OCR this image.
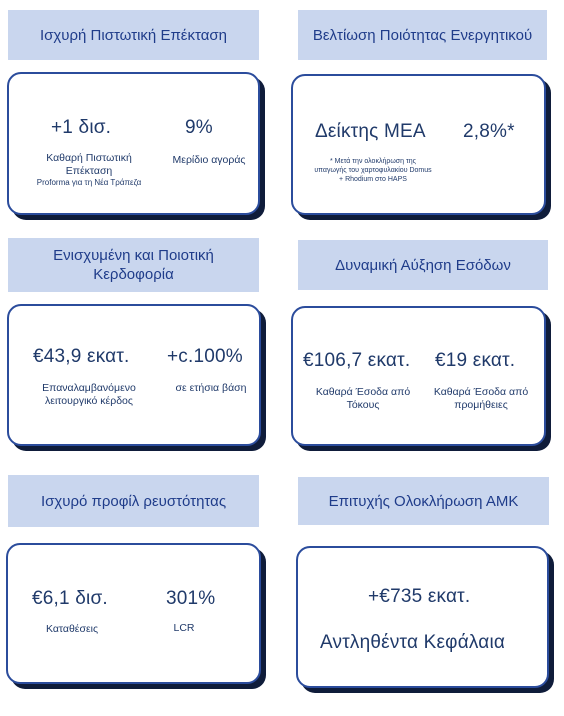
Ισχυρή Πιστωτική Επέκταση	Βελτίωση Ποιότητας Ενεργητικού
+1 δισ.
Καθαρή Πιστωτική Επέκταση
Proforma για τη Νέα Τράπεζα
9%
Μερίδιο αγοράς
Δείκτης ΜΕΑ 2,8%*
* Μετά την ολοκλήρωση της υπαγωγής του χαρτοφυλακίου Domus + Rhodium στο HAPS
Ενισχυμένη και Ποιοτική Κερδοφορία
Δυναμική Αύξηση Εσόδων
€43,9 εκατ.
Επαναλαμβανόμενο λειτουργικό κέρδος
+c.100%
σε ετήσια βάση
€106,7 εκατ.
Καθαρά Έσοδα από Τόκους
€19 εκατ.
Καθαρά Έσοδα από προμήθειες
Ισχυρό προφίλ ρευστότητας	Επιτυχής Ολοκλήρωση ΑΜΚ
€6,1 δισ.
Καταθέσεις
301%
LCR
+€735 εκατ.
Αντληθέντα Κεφάλαια
